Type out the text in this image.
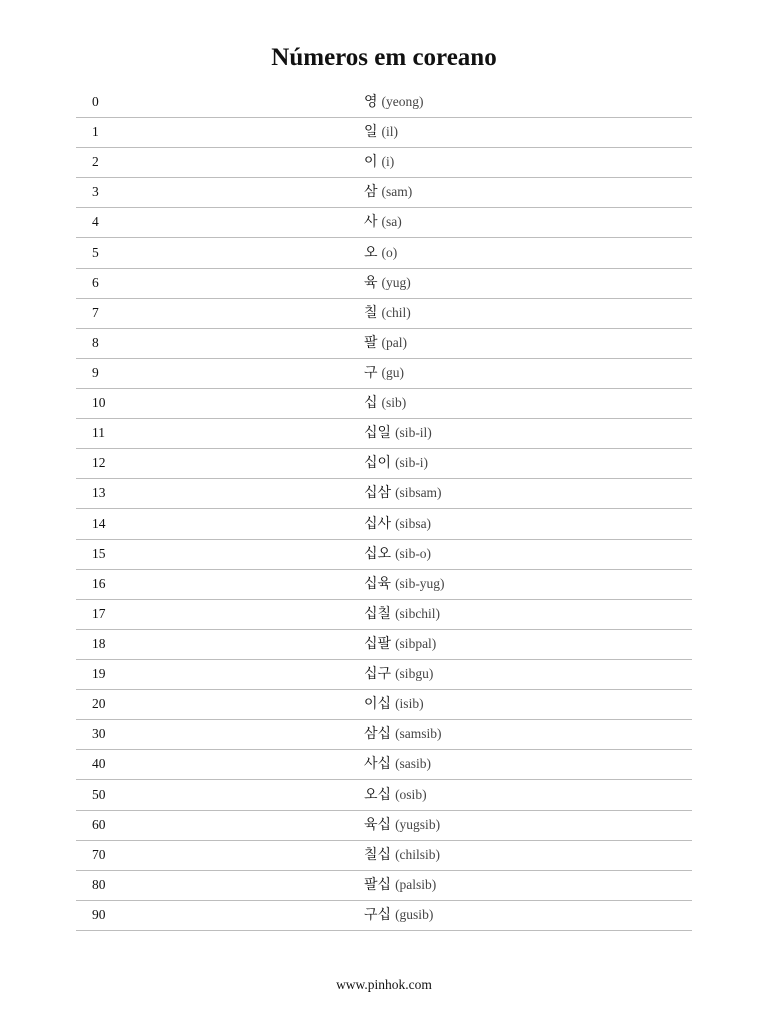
Números em coreano
0	영 (yeong)
1	일 (il)
2	이 (i)
3	삼 (sam)
4	사 (sa)
5	오 (o)
6	육 (yug)
7	칠 (chil)
8	팔 (pal)
9	구 (gu)
10	십 (sib)
11	십일 (sib-il)
12	십이 (sib-i)
13	십삼 (sibsam)
14	십사 (sibsa)
15	십오 (sib-o)
16	십육 (sib-yug)
17	십칠 (sibchil)
18	십팔 (sibpal)
19	십구 (sibgu)
20	이십 (isib)
30	삼십 (samsib)
40	사십 (sasib)
50	오십 (osib)
60	육십 (yugsib)
70	칠십 (chilsib)
80	팔십 (palsib)
90	구십 (gusib)
www.pinhok.com
